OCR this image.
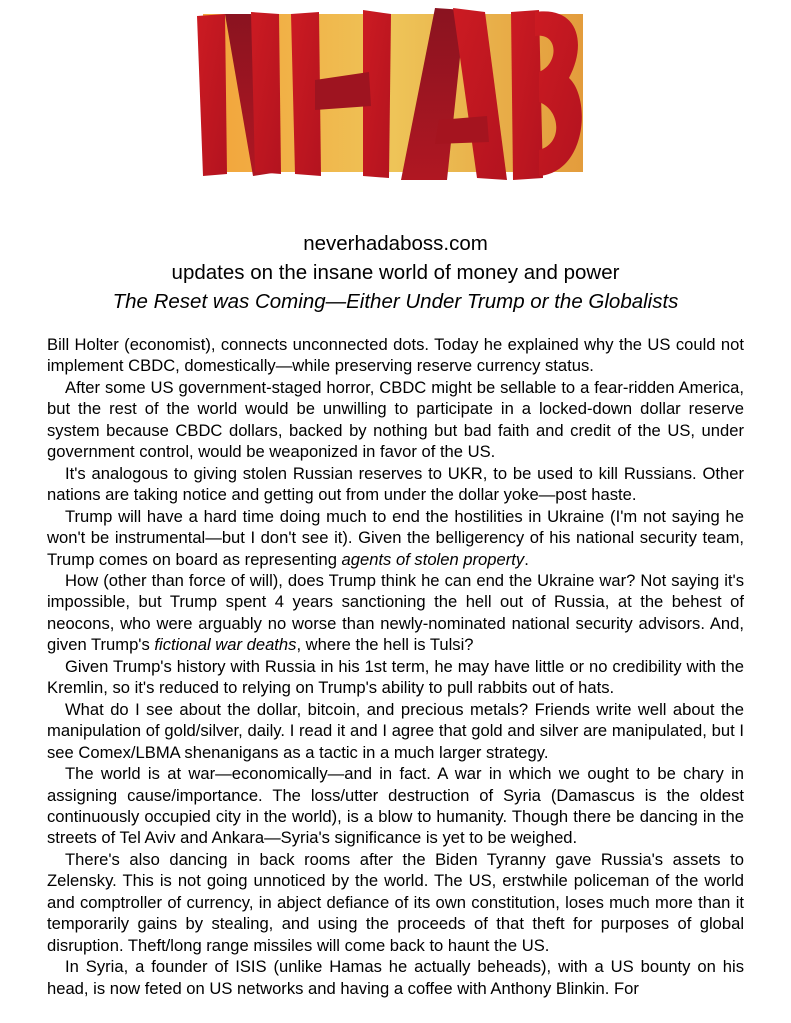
neverhadaboss.com
updates on the insane world of money and power
The Reset was Coming—Either Under Trump or the Globalists

Bill Holter (economist), connects unconnected dots. Today he explained why the US could not implement CBDC, domestically—while preserving reserve currency status.

After some US government-staged horror, CBDC might be sellable to a fear-ridden America, but the rest of the world would be unwilling to participate in a locked-down dollar reserve system because CBDC dollars, backed by nothing but bad faith and credit of the US, under government control, would be weaponized in favor of the US.

It's analogous to giving stolen Russian reserves to UKR, to be used to kill Russians. Other nations are taking notice and getting out from under the dollar yoke—post haste.

Trump will have a hard time doing much to end the hostilities in Ukraine (I'm not saying he won't be instrumental—but I don't see it). Given the belligerency of his national security team, Trump comes on board as representing agents of stolen property.

How (other than force of will), does Trump think he can end the Ukraine war? Not saying it's impossible, but Trump spent 4 years sanctioning the hell out of Russia, at the behest of neocons, who were arguably no worse than newly-nominated national security advisors. And, given Trump's fictional war deaths, where the hell is Tulsi?

Given Trump's history with Russia in his 1st term, he may have little or no credibility with the Kremlin, so it's reduced to relying on Trump's ability to pull rabbits out of hats.

What do I see about the dollar, bitcoin, and precious metals? Friends write well about the manipulation of gold/silver, daily. I read it and I agree that gold and silver are manipulated, but I see Comex/LBMA shenanigans as a tactic in a much larger strategy.

The world is at war—economically—and in fact. A war in which we ought to be chary in assigning cause/importance. The loss/utter destruction of Syria (Damascus is the oldest continuously occupied city in the world), is a blow to humanity. Though there be dancing in the streets of Tel Aviv and Ankara—Syria's significance is yet to be weighed.

There's also dancing in back rooms after the Biden Tyranny gave Russia's assets to Zelensky. This is not going unnoticed by the world. The US, erstwhile policeman of the world and comptroller of currency, in abject defiance of its own constitution, loses much more than it temporarily gains by stealing, and using the proceeds of that theft for purposes of global disruption. Theft/long range missiles will come back to haunt the US.

In Syria, a founder of ISIS (unlike Hamas he actually beheads), with a US bounty on his head, is now feted on US networks and having a coffee with Anthony Blinkin. For
